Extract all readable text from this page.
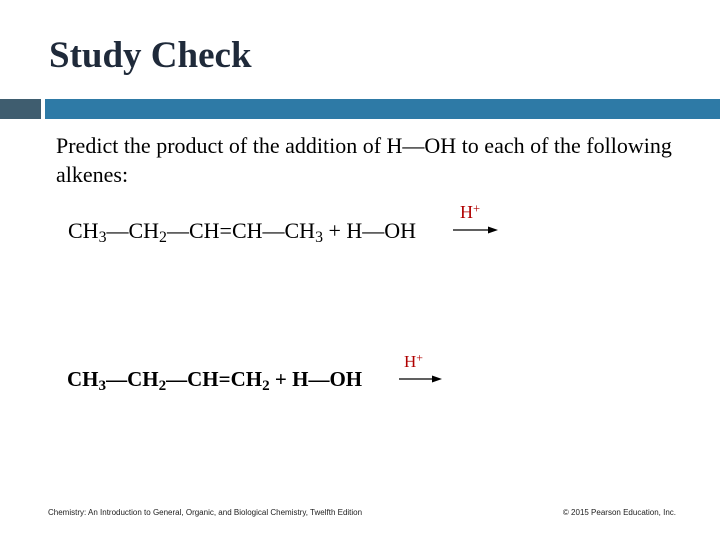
Study Check
Predict the product of the addition of H—OH to each of the following alkenes:
$CH_3—CH_2—CH=CH—CH_3$ + H—OH
H+
$CH_3—CH_2—CH=CH_2$ + H—OH
H+
Chemistry: An Introduction to General, Organic, and Biological Chemistry, Twelfth Edition	© 2015 Pearson Education, Inc.
